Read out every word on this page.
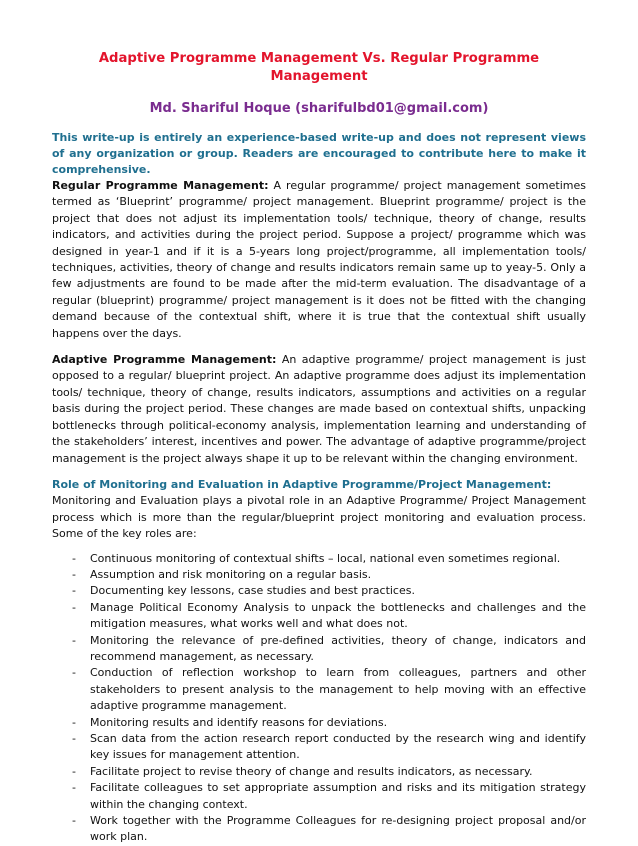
Adaptive Programme Management Vs. Regular Programme Management
Md. Shariful Hoque (sharifulbd01@gmail.com)

This write-up is entirely an experience-based write-up and does not represent views of any organization or group. Readers are encouraged to contribute here to make it comprehensive.

Regular Programme Management: A regular programme/ project management sometimes termed as ‘Blueprint’ programme/ project management. Blueprint programme/ project is the project that does not adjust its implementation tools/ technique, theory of change, results indicators, and activities during the project period. Suppose a project/ programme which was designed in year-1 and if it is a 5-years long project/programme, all implementation tools/ techniques, activities, theory of change and results indicators remain same up to yeay-5. Only a few adjustments are found to be made after the mid-term evaluation. The disadvantage of a regular (blueprint) programme/ project management is it does not be fitted with the changing demand because of the contextual shift, where it is true that the contextual shift usually happens over the days.

Adaptive Programme Management: An adaptive programme/ project management is just opposed to a regular/ blueprint project. An adaptive programme does adjust its implementation tools/ technique, theory of change, results indicators, assumptions and activities on a regular basis during the project period. These changes are made based on contextual shifts, unpacking bottlenecks through political-economy analysis, implementation learning and understanding of the stakeholders’ interest, incentives and power. The advantage of adaptive programme/project management is the project always shape it up to be relevant within the changing environment.

Role of Monitoring and Evaluation in Adaptive Programme/Project Management:

Monitoring and Evaluation plays a pivotal role in an Adaptive Programme/ Project Management process which is more than the regular/blueprint project monitoring and evaluation process. Some of the key roles are:

- Continuous monitoring of contextual shifts – local, national even sometimes regional.
- Assumption and risk monitoring on a regular basis.
- Documenting key lessons, case studies and best practices.
- Manage Political Economy Analysis to unpack the bottlenecks and challenges and the mitigation measures, what works well and what does not.
- Monitoring the relevance of pre-defined activities, theory of change, indicators and recommend management, as necessary.
- Conduction of reflection workshop to learn from colleagues, partners and other stakeholders to present analysis to the management to help moving with an effective adaptive programme management.
- Monitoring results and identify reasons for deviations.
- Scan data from the action research report conducted by the research wing and identify key issues for management attention.
- Facilitate project to revise theory of change and results indicators, as necessary.
- Facilitate colleagues to set appropriate assumption and risks and its mitigation strategy within the changing context.
- Work together with the Programme Colleagues for re-designing project proposal and/or work plan.
